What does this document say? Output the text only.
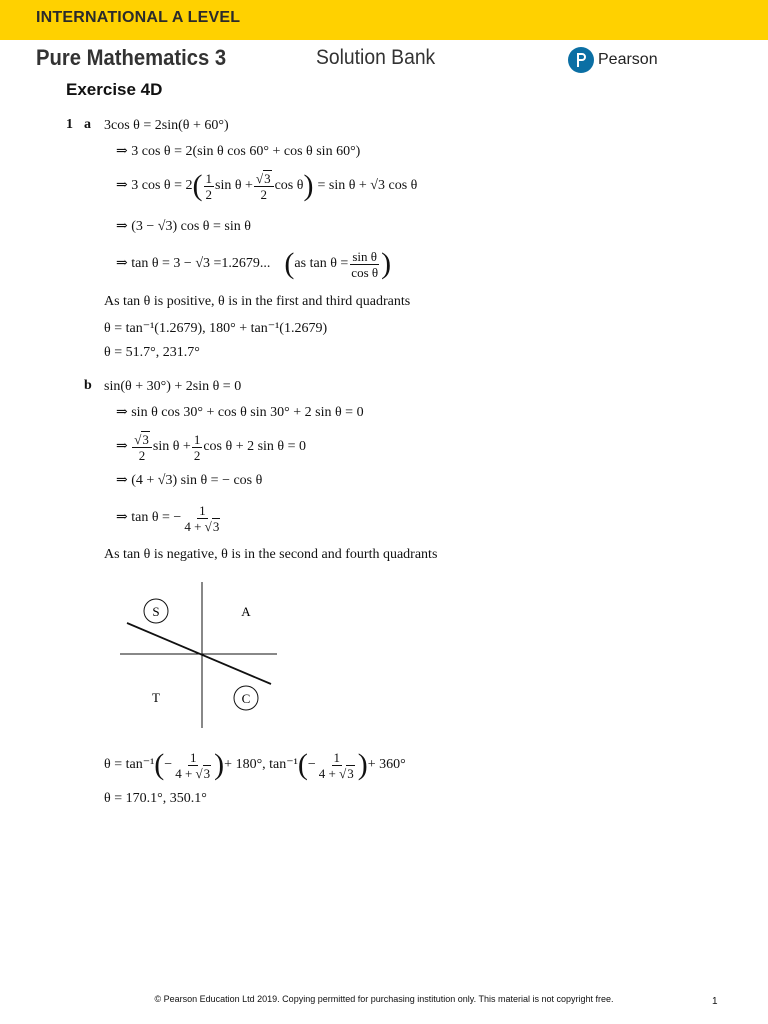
INTERNATIONAL A LEVEL
Pure Mathematics 3	Solution Bank	Pearson
Exercise 4D
1 a 3cos θ = 2sin(θ + 60°)
⇒ 3 cos θ = 2(sin θ cos 60° + cos θ sin 60°)
⇒ 3 cos θ = 2 ( $\frac{1}{2}$ $\sin \theta + \frac{√3}{2}$ cos θ ) = sin θ + √3 cos θ
⇒ (3 − √3) cos θ = sin θ
⇒ tan θ = 3 − √3 =1.2679... ( as $\tan \theta = \frac{\text{sin θ}}{\text{cos θ}}$ )
As tan θ is positive, θ is in the first and third quadrants
θ = tan⁻¹(1.2679), 180° + tan⁻¹(1.2679)
θ = 51.7°, 231.7°
b sin(θ + 30°) + 2sin θ = 0
⇒ sin θ cos 30° + cos θ sin 30° + 2 sin θ = 0
⇒ $\frac{√3}{2}$ $\sin \theta + \frac{1}{2}$ cos θ + 2 sin θ = 0
⇒ (4 + √3) sin θ = − cos θ
⇒ tan θ = − $\frac{1}{4 + √3}$
As tan θ is negative, θ is in the second and fourth quadrants
S	A
T	C
θ = tan⁻¹ ( − $\frac{1}{4 + √3}$ ) + 180°, tan⁻¹ ( − $\frac{1}{4 + √3}$ ) + 360°
θ = 170.1°, 350.1°
© Pearson Education Ltd 2019. Copying permitted for purchasing institution only. This material is not copyright free.	1
